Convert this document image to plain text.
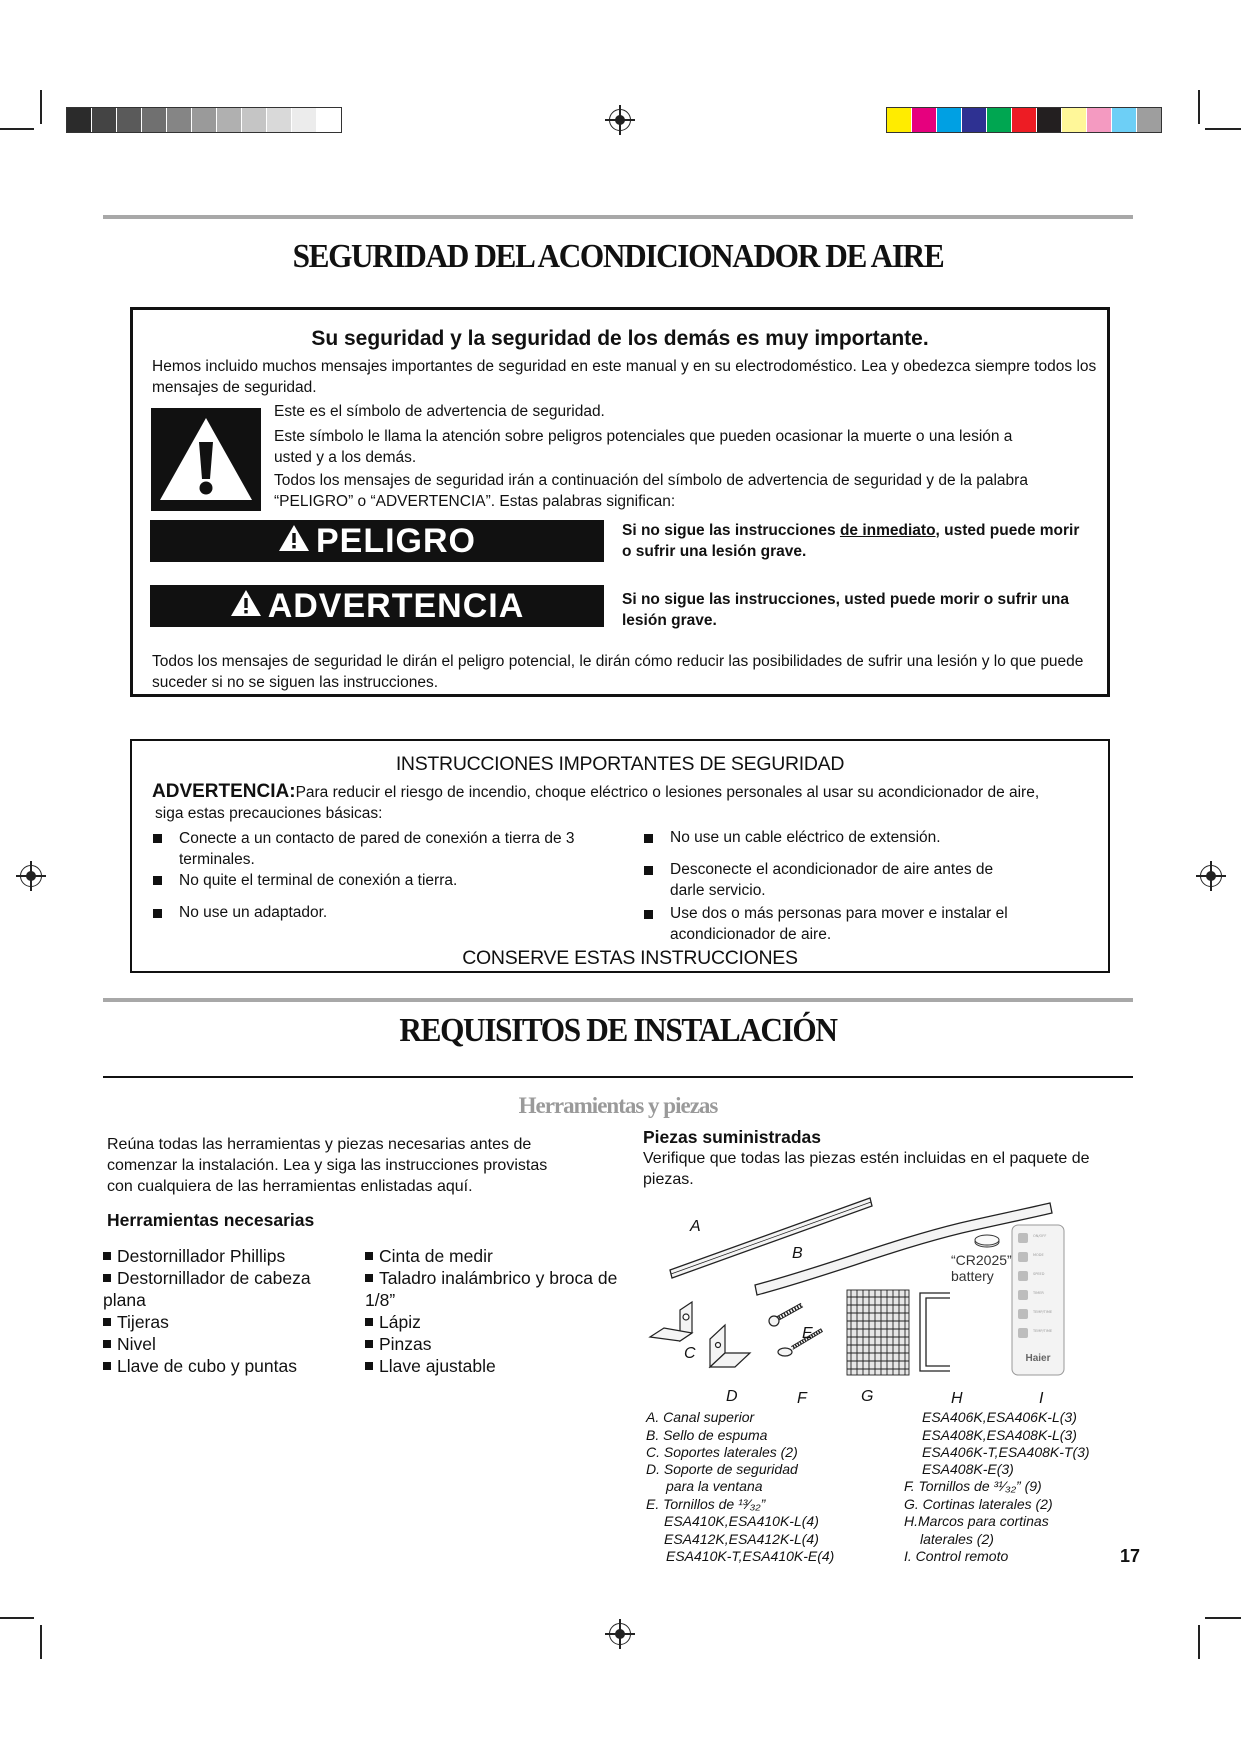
SEGURIDAD DEL ACONDICIONADOR DE AIRE
Su seguridad y la seguridad de los demás es muy importante.
Hemos incluido muchos mensajes importantes de seguridad en este manual y en su electrodoméstico. Lea y obedezca siempre todos los mensajes de seguridad.
Este es el símbolo de advertencia de seguridad.
Este símbolo le llama la atención sobre peligros potenciales que pueden ocasionar la muerte o una lesión a usted y a los demás.
Todos los mensajes de seguridad irán a continuación del símbolo de advertencia de seguridad y de la palabra “PELIGRO” o “ADVERTENCIA”. Estas palabras significan:
PELIGRO	Si no sigue las instrucciones de inmediato, usted puede morir o sufrir una lesión grave.
ADVERTENCIA	Si no sigue las instrucciones, usted puede morir o sufrir una lesión grave.
Todos los mensajes de seguridad le dirán el peligro potencial, le dirán cómo reducir las posibilidades de sufrir una lesión y lo que puede suceder si no se siguen las instrucciones.
INSTRUCCIONES IMPORTANTES DE SEGURIDAD
ADVERTENCIA:Para reducir el riesgo de incendio, choque eléctrico o lesiones personales al usar su acondicionador de aire,
siga estas precauciones básicas:
Conecte a un contacto de pared de conexión a tierra de 3 terminales.
No quite el terminal de conexión a tierra.
No use un adaptador.
No use un cable eléctrico de extensión.
Desconecte el acondicionador de aire antes de darle servicio.
Use dos o más personas para mover e instalar el acondicionador de aire.
CONSERVE ESTAS INSTRUCCIONES
REQUISITOS DE INSTALACIÓN
Herramientas y piezas
Reúna todas las herramientas y piezas necesarias antes de comenzar la instalación. Lea y siga las instrucciones provistas con cualquiera de las herramientas enlistadas aquí.
Herramientas necesarias
Destornillador Phillips
Destornillador de cabeza plana
Tijeras
Nivel
Llave de cubo y puntas
Cinta de medir
Taladro inalámbrico y broca de 1/8”
Lápiz
Pinzas
Llave ajustable
Piezas suministradas
Verifique que todas las piezas estén incluidas en el paquete de piezas.
ON/OFF
MODE
SPEED
TIMER
TEMP/TIME
TEMP/TIME
Haier
“CR2025” battery
A
B
C
D
E
F	G	H	I
A. Canal superior
B. Sello de espuma
C. Soportes laterales (2)
D. Soporte de seguridad
para la ventana
E. Tornillos de ¹³⁄₃₂”
ESA410K,ESA410K-L(4)
ESA412K,ESA412K-L(4)
ESA410K-T,ESA410K-E(4)
ESA406K,ESA406K-L(3)
ESA408K,ESA408K-L(3)
ESA406K-T,ESA408K-T(3)
ESA408K-E(3)
F. Tornillos de ³¹⁄₃₂” (9)
G. Cortinas laterales (2)
H.Marcos para cortinas
laterales (2)
I. Control remoto	17
